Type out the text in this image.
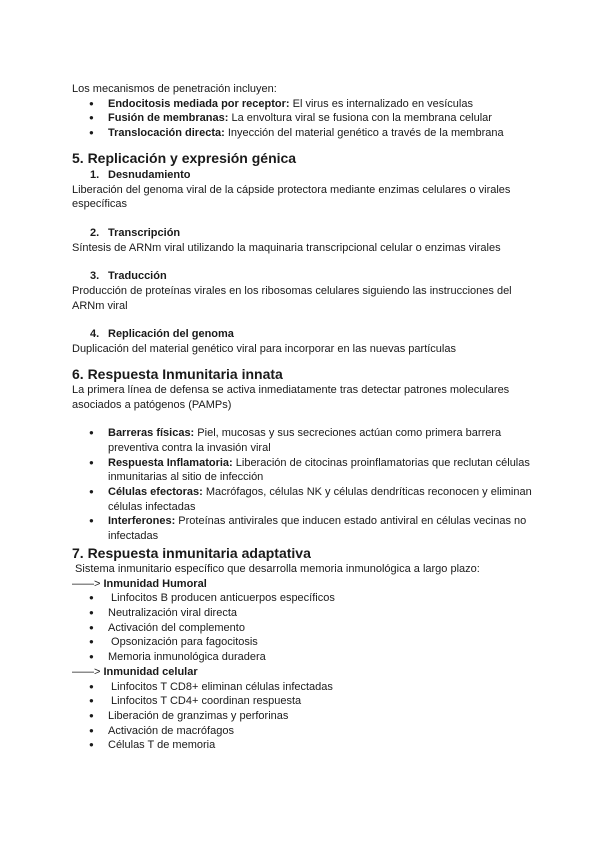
Los mecanismos de penetración incluyen:

● Endocitosis mediada por receptor: El virus es internalizado en vesículas
● Fusión de membranas: La envoltura viral se fusiona con la membrana celular
● Translocación directa: Inyección del material genético a través de la membrana
5. Replicación y expresión génica
1. Desnudamiento

Liberación del genoma viral de la cápside protectora mediante enzimas celulares o virales específicas

2. Transcripción

Síntesis de ARNm viral utilizando la maquinaria transcripcional celular o enzimas virales

3. Traducción

Producción de proteínas virales en los ribosomas celulares siguiendo las instrucciones del ARNm viral

4. Replicación del genoma

Duplicación del material genético viral para incorporar en las nuevas partículas

6. Respuesta Inmunitaria innata

La primera línea de defensa se activa inmediatamente tras detectar patrones moleculares asociados a patógenos (PAMPs)

● Barreras físicas: Piel, mucosas y sus secreciones actúan como primera barrera preventiva contra la invasión viral
● Respuesta Inflamatoria: Liberación de citocinas proinflamatorias que reclutan células inmunitarias al sitio de infección
● Células efectoras: Macrófagos, células NK y células dendríticas reconocen y eliminan células infectadas
● Interferones: Proteínas antivirales que inducen estado antiviral en células vecinas no infectadas
7. Respuesta inmunitaria adaptativa

Sistema inmunitario específico que desarrolla memoria inmunológica a largo plazo:

——> Inmunidad Humoral
●  Linfocitos B producen anticuerpos específicos
● Neutralización viral directa
● Activación del complemento
●  Opsonización para fagocitosis
● Memoria inmunológica duradera
——> Inmunidad celular
●  Linfocitos T CD8+ eliminan células infectadas
●  Linfocitos T CD4+ coordinan respuesta
● Liberación de granzimas y perforinas
● Activación de macrófagos
● Células T de memoria
